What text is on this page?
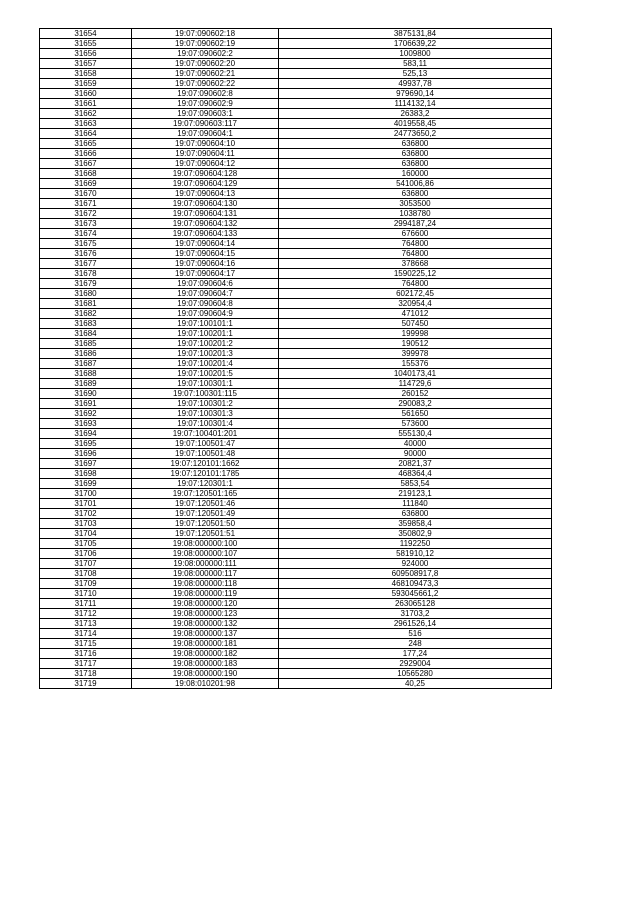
31654	19:07:090602:18	3875131,84
31655	19:07:090602:19	1706639,22
31656	19:07:090602:2	1009800
31657	19:07:090602:20	583,11
31658	19:07:090602:21	525,13
31659	19:07:090602:22	49937,78
31660	19:07:090602:8	979690,14
31661	19:07:090602:9	1114132,14
31662	19:07:090603:1	26383,2
31663	19:07:090603:117	4019558,45
31664	19:07:090604:1	24773650,2
31665	19:07:090604:10	636800
31666	19:07:090604:11	636800
31667	19:07:090604:12	636800
31668	19:07:090604:128	160000
31669	19:07:090604:129	541006,86
31670	19:07:090604:13	636800
31671	19:07:090604:130	3053500
31672	19:07:090604:131	1038780
31673	19:07:090604:132	2994187,24
31674	19:07:090604:133	676600
31675	19:07:090604:14	764800
31676	19:07:090604:15	764800
31677	19:07:090604:16	378668
31678	19:07:090604:17	1590225,12
31679	19:07:090604:6	764800
31680	19:07:090604:7	602172,45
31681	19:07:090604:8	320954,4
31682	19:07:090604:9	471012
31683	19:07:100101:1	507450
31684	19:07:100201:1	199998
31685	19:07:100201:2	190512
31686	19:07:100201:3	399978
31687	19:07:100201:4	155376
31688	19:07:100201:5	1040173,41
31689	19:07:100301:1	114729,6
31690	19:07:100301:115	260152
31691	19:07:100301:2	290083,2
31692	19:07:100301:3	561650
31693	19:07:100301:4	573600
31694	19:07:100401:201	555130,4
31695	19:07:100501:47	40000
31696	19:07:100501:48	90000
31697	19:07:120101:1662	20821,37
31698	19:07:120101:1785	468364,4
31699	19:07:120301:1	5853,54
31700	19:07:120501:165	219123,1
31701	19:07:120501:46	111840
31702	19:07:120501:49	636800
31703	19:07:120501:50	359858,4
31704	19:07:120501:51	350802,9
31705	19:08:000000:100	1192250
31706	19:08:000000:107	581910,12
31707	19:08:000000:111	924000
31708	19:08:000000:117	609508917,8
31709	19:08:000000:118	468109473,3
31710	19:08:000000:119	593045661,2
31711	19:08:000000:120	263065128
31712	19:08:000000:123	31703,2
31713	19:08:000000:132	2961526,14
31714	19:08:000000:137	516
31715	19:08:000000:181	248
31716	19:08:000000:182	177,24
31717	19:08:000000:183	2929004
31718	19:08:000000:190	10565280
31719	19:08:010201:98	40,25
